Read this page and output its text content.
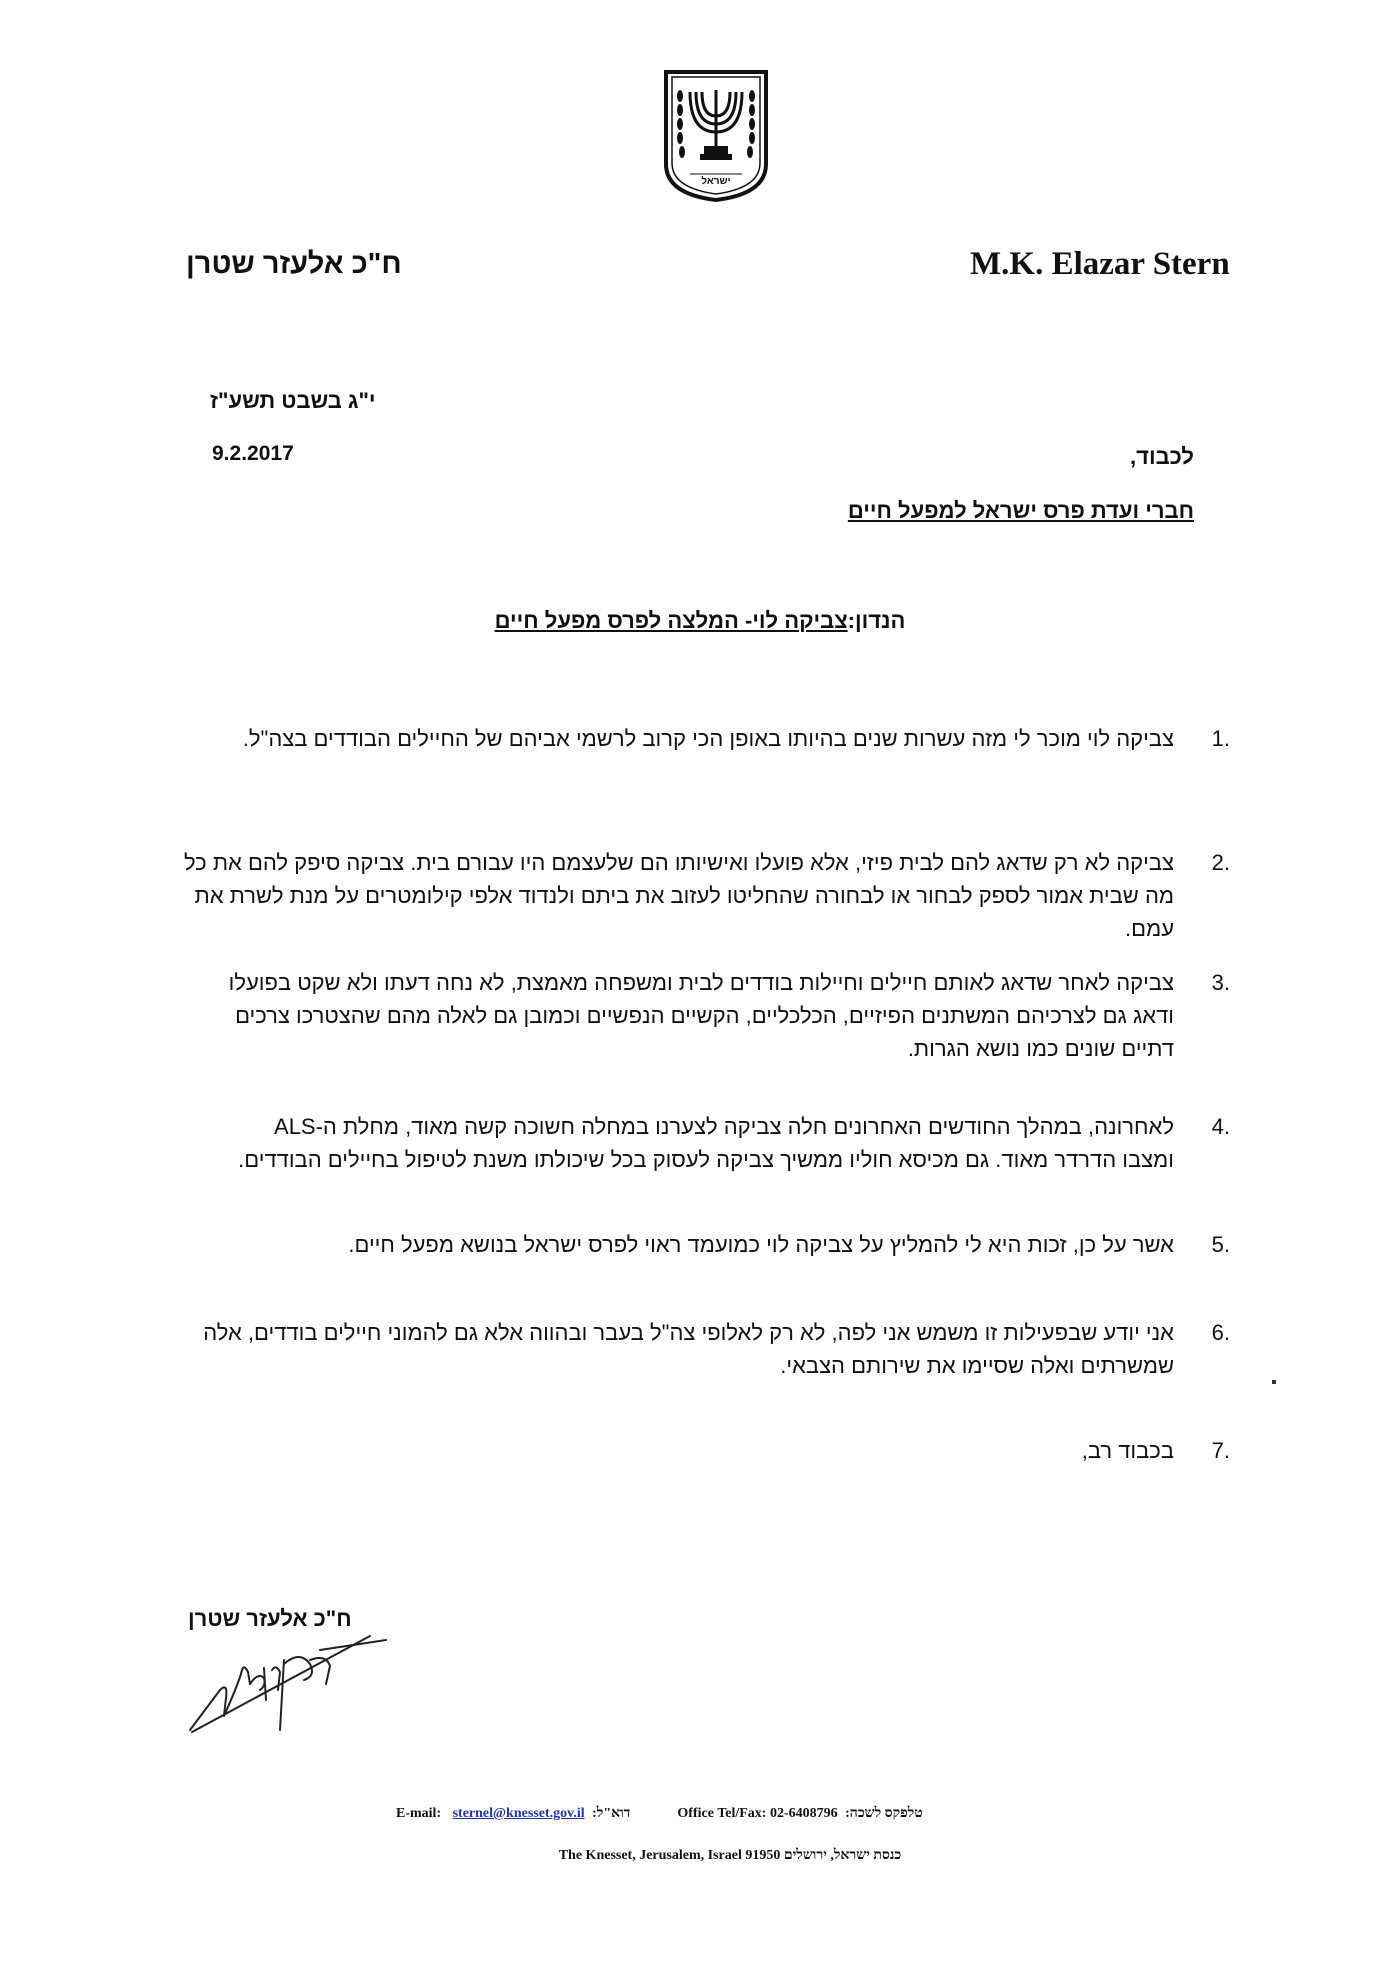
ישראל
M.K. Elazar Stern
ח"כ אלעזר שטרן
י"ג בשבט תשע"ז
9.2.2017	לכבוד,
חברי ועדת פרס ישראל למפעל חיים
הנדון:צביקה לוי- המלצה לפרס מפעל חיים
1.
צביקה לוי מוכר לי מזה עשרות שנים בהיותו באופן הכי קרוב לרשמי אביהם של החיילים הבודדים בצה"ל.
2.
צביקה לא רק שדאג להם לבית פיזי, אלא פועלו ואישיותו הם שלעצמם היו עבורם בית. צביקה סיפק להם את כל מה שבית אמור לספק לבחור או לבחורה שהחליטו לעזוב את ביתם ולנדוד אלפי קילומטרים על מנת לשרת את עמם.
3.
צביקה לאחר שדאג לאותם חיילים וחיילות בודדים לבית ומשפחה מאמצת, לא נחה דעתו ולא שקט בפועלו ודאג גם לצרכיהם המשתנים הפיזיים, הכלכליים, הקשיים הנפשיים וכמובן גם לאלה מהם שהצטרכו צרכים דתיים שונים כמו נושא הגרות.
4.
לאחרונה, במהלך החודשים האחרונים חלה צביקה לצערנו במחלה חשוכה קשה מאוד, מחלת ה-ALS ומצבו הדרדר מאוד. גם מכיסא חוליו ממשיך צביקה לעסוק בכל שיכולתו משנת לטיפול בחיילים הבודדים.
5.
אשר על כן, זכות היא לי להמליץ על צביקה לוי כמועמד ראוי לפרס ישראל בנושא מפעל חיים.
6.
אני יודע שבפעילות זו משמש אני לפה, לא רק לאלופי צה"ל בעבר ובהווה אלא גם להמוני חיילים בודדים, אלה שמשרתים ואלה שסיימו את שירותם הצבאי.
7.
בכבוד רב,
ח"כ אלעזר שטרן
E-mail: sternel@knesset.gov.il דוא"ל:	Office Tel/Fax: 02-6408796 טלפקס לשכה:
The Knesset, Jerusalem, Israel 91950 כנסת ישראל, ירושלים
